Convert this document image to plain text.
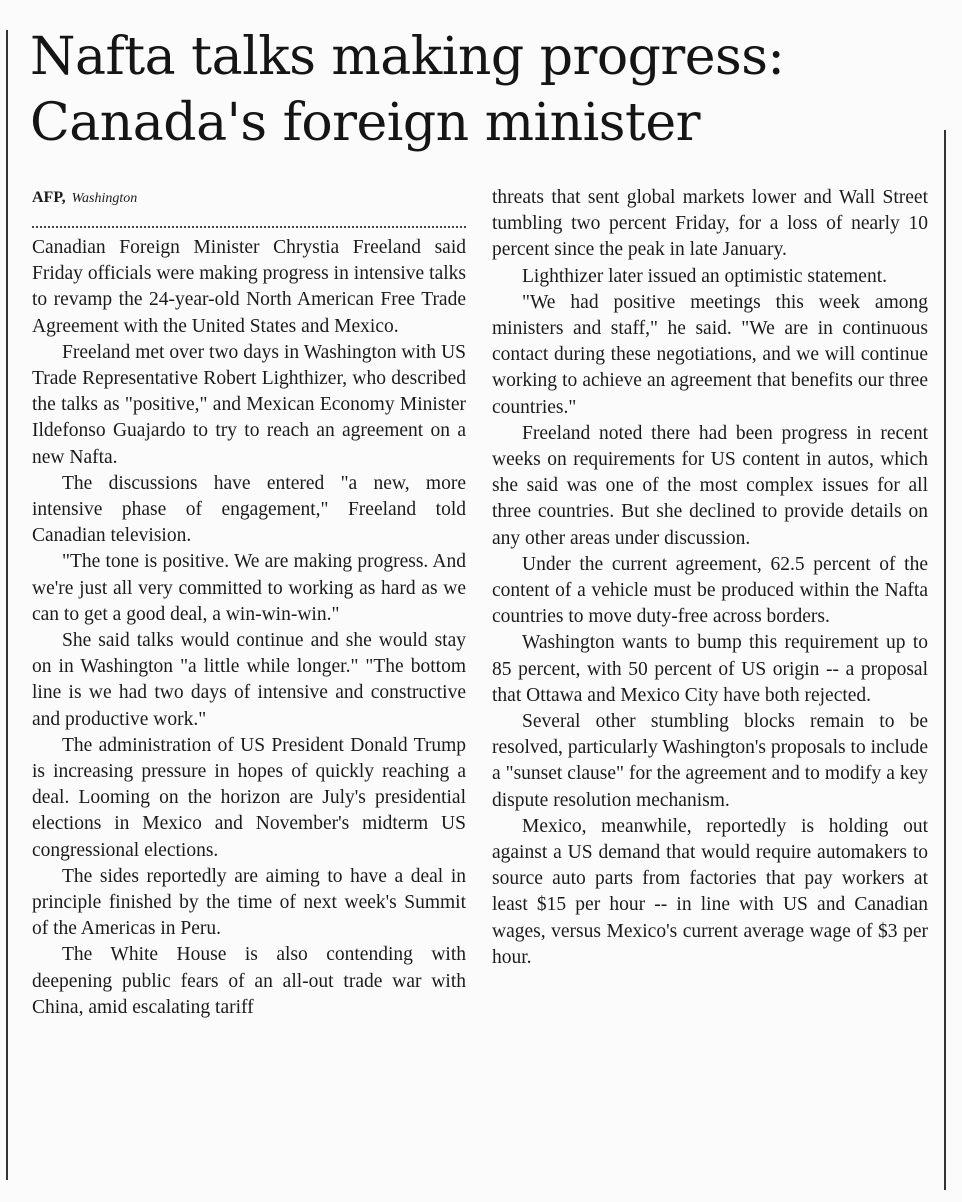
Nafta talks making progress: Canada's foreign minister
AFP, Washington

Canadian Foreign Minister Chrystia Freeland said Friday officials were making progress in intensive talks to revamp the 24-year-old North American Free Trade Agreement with the United States and Mexico.

Freeland met over two days in Washington with US Trade Representative Robert Lighthizer, who described the talks as "positive," and Mexican Economy Minister Ildefonso Guajardo to try to reach an agreement on a new Nafta.

The discussions have entered "a new, more intensive phase of engagement," Freeland told Canadian television.

"The tone is positive. We are making progress. And we're just all very committed to working as hard as we can to get a good deal, a win-win-win."

She said talks would continue and she would stay on in Washington "a little while longer." "The bottom line is we had two days of intensive and constructive and productive work."

The administration of US President Donald Trump is increasing pressure in hopes of quickly reaching a deal. Looming on the horizon are July's presidential elections in Mexico and November's midterm US congressional elections.

The sides reportedly are aiming to have a deal in principle finished by the time of next week's Summit of the Americas in Peru.

The White House is also contending with deepening public fears of an all-out trade war with China, amid escalating tariff

threats that sent global markets lower and Wall Street tumbling two percent Friday, for a loss of nearly 10 percent since the peak in late January.

Lighthizer later issued an optimistic statement.

"We had positive meetings this week among ministers and staff," he said. "We are in continuous contact during these negotiations, and we will continue working to achieve an agreement that benefits our three countries."

Freeland noted there had been progress in recent weeks on requirements for US content in autos, which she said was one of the most complex issues for all three countries. But she declined to provide details on any other areas under discussion.

Under the current agreement, 62.5 percent of the content of a vehicle must be produced within the Nafta countries to move duty-free across borders.

Washington wants to bump this requirement up to 85 percent, with 50 percent of US origin -- a proposal that Ottawa and Mexico City have both rejected.

Several other stumbling blocks remain to be resolved, particularly Washington's proposals to include a "sunset clause" for the agreement and to modify a key dispute resolution mechanism.

Mexico, meanwhile, reportedly is holding out against a US demand that would require automakers to source auto parts from factories that pay workers at least $15 per hour -- in line with US and Canadian wages, versus Mexico's current average wage of $3 per hour.
